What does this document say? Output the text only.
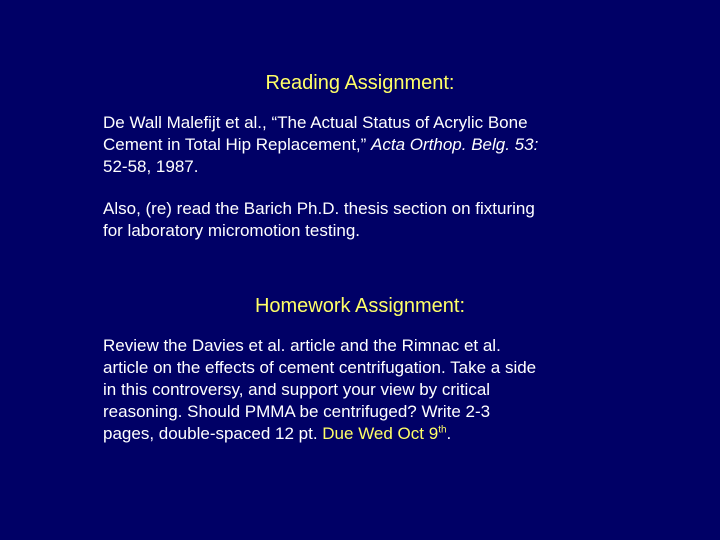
Reading Assignment:
De Wall Malefijt et al., “The Actual Status of Acrylic Bone
Cement in Total Hip Replacement,” Acta Orthop. Belg. 53:
52-58, 1987.
Also, (re) read the Barich Ph.D. thesis section on fixturing
for laboratory micromotion testing.
Homework Assignment:
Review the Davies et al. article and the Rimnac et al.
article on the effects of cement centrifugation. Take a side
in this controversy, and support your view by critical
reasoning. Should PMMA be centrifuged? Write 2-3
pages, double-spaced 12 pt. Due Wed Oct 9th.
